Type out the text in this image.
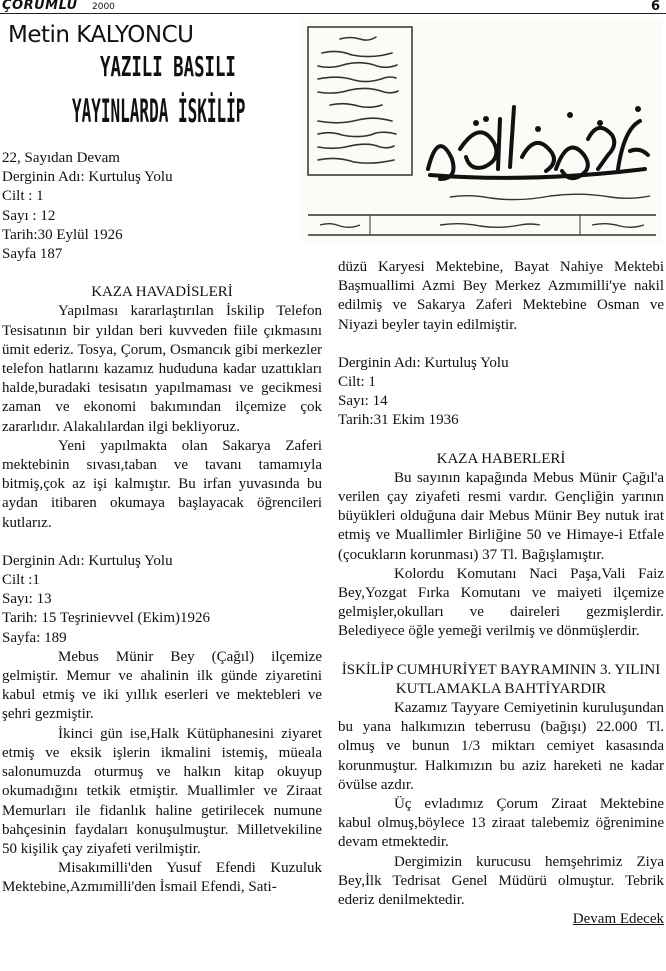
ÇORUMLU 2000	6
Metin KALYONCU
YAZILI BASILI
YAYINLARDA İSKİLİP

22, Sayıdan Devam

Derginin Adı: Kurtuluş Yolu

Cilt : 1

Sayı : 12

Tarih:30 Eylül 1926

Sayfa 187

KAZA HAVADİSLERİ

Yapılması kararlaştırılan İskilip Telefon Tesisatının bir yıldan beri kuvveden fiile çıkmasını ümit ederiz. Tosya, Çorum, Osmancık gibi merkezler telefon hatlarını kazamız hududuna kadar uzattıkları halde,buradaki tesisatın yapılmaması ve gecikmesi zaman ve ekonomi bakımından ilçemize çok zararlıdır. Alakalılardan ilgi bekliyoruz.

Yeni yapılmakta olan Sakarya Zaferi mektebinin sıvası,taban ve tavanı tamamıyla bitmiş,çok az işi kalmıştır. Bu irfan yuvasında bu aydan itibaren okumaya başlayacak öğrencileri kutlarız.

Derginin Adı: Kurtuluş Yolu

Cilt :1

Sayı: 13

Tarih: 15 Teşrinievvel (Ekim)1926

Sayfa: 189

Mebus Münir Bey (Çağıl) ilçemize gelmiştir. Memur ve ahalinin ilk günde ziyaretini kabul etmiş ve iki yıllık eserleri ve mektebleri ve şehri gezmiştir.

İkinci gün ise,Halk Kütüphanesini ziyaret etmiş ve eksik işlerin ikmalini istemiş, müeala salonumuzda oturmuş ve halkın kitap okuyup okumadığını tetkik etmiştir. Muallimler ve Ziraat Memurları ile fidanlık haline getirilecek numune bahçesinin faydaları konuşulmuştur. Milletvekiline 50 kişilik çay ziyafeti verilmiştir.

Misakımilli'den Yusuf Efendi Kuzuluk Mektebine,Azmımilli'den İsmail Efendi, Sati-

düzü Karyesi Mektebine, Bayat Nahiye Mektebi Başmuallimi Azmi Bey Merkez Azmımilli'ye nakil edilmiş ve Sakarya Zaferi Mektebine Osman ve Niyazi beyler tayin edilmiştir.

Derginin Adı: Kurtuluş Yolu

Cilt: 1

Sayı: 14

Tarih:31 Ekim 1936

KAZA HABERLERİ

Bu sayının kapağında Mebus Münir Çağıl'a verilen çay ziyafeti resmi vardır. Gençliğin yarının büyükleri olduğuna dair Mebus Münir Bey nutuk irat etmiş ve Muallimler Birliğine 50 ve Himaye-i Etfale (çocukların korunması) 37 Tl. Bağışlamıştır.

Kolordu Komutanı Naci Paşa,Vali Faiz Bey,Yozgat Fırka Komutanı ve maiyeti ilçemize gelmişler,okulları ve daireleri gezmişlerdir. Belediyece öğle yemeği verilmiş ve dönmüşlerdir.

İSKİLİP CUMHURİYET BAYRAMININ 3. YILINI KUTLAMAKLA BAHTİYARDIR

Kazamız Tayyare Cemiyetinin kuruluşundan bu yana halkımızın teberrusu (bağışı) 22.000 Tl. olmuş ve bunun 1/3 miktarı cemiyet kasasında korunmuştur. Halkımızın bu aziz hareketi ne kadar övülse azdır.

Üç evladımız Çorum Ziraat Mektebine kabul olmuş,böylece 13 ziraat talebemiz öğrenimine devam etmektedir.

Dergimizin kurucusu hemşehrimiz Ziya Bey,İlk Tedrisat Genel Müdürü olmuştur. Tebrik ederiz denilmektedir.

Devam Edecek
